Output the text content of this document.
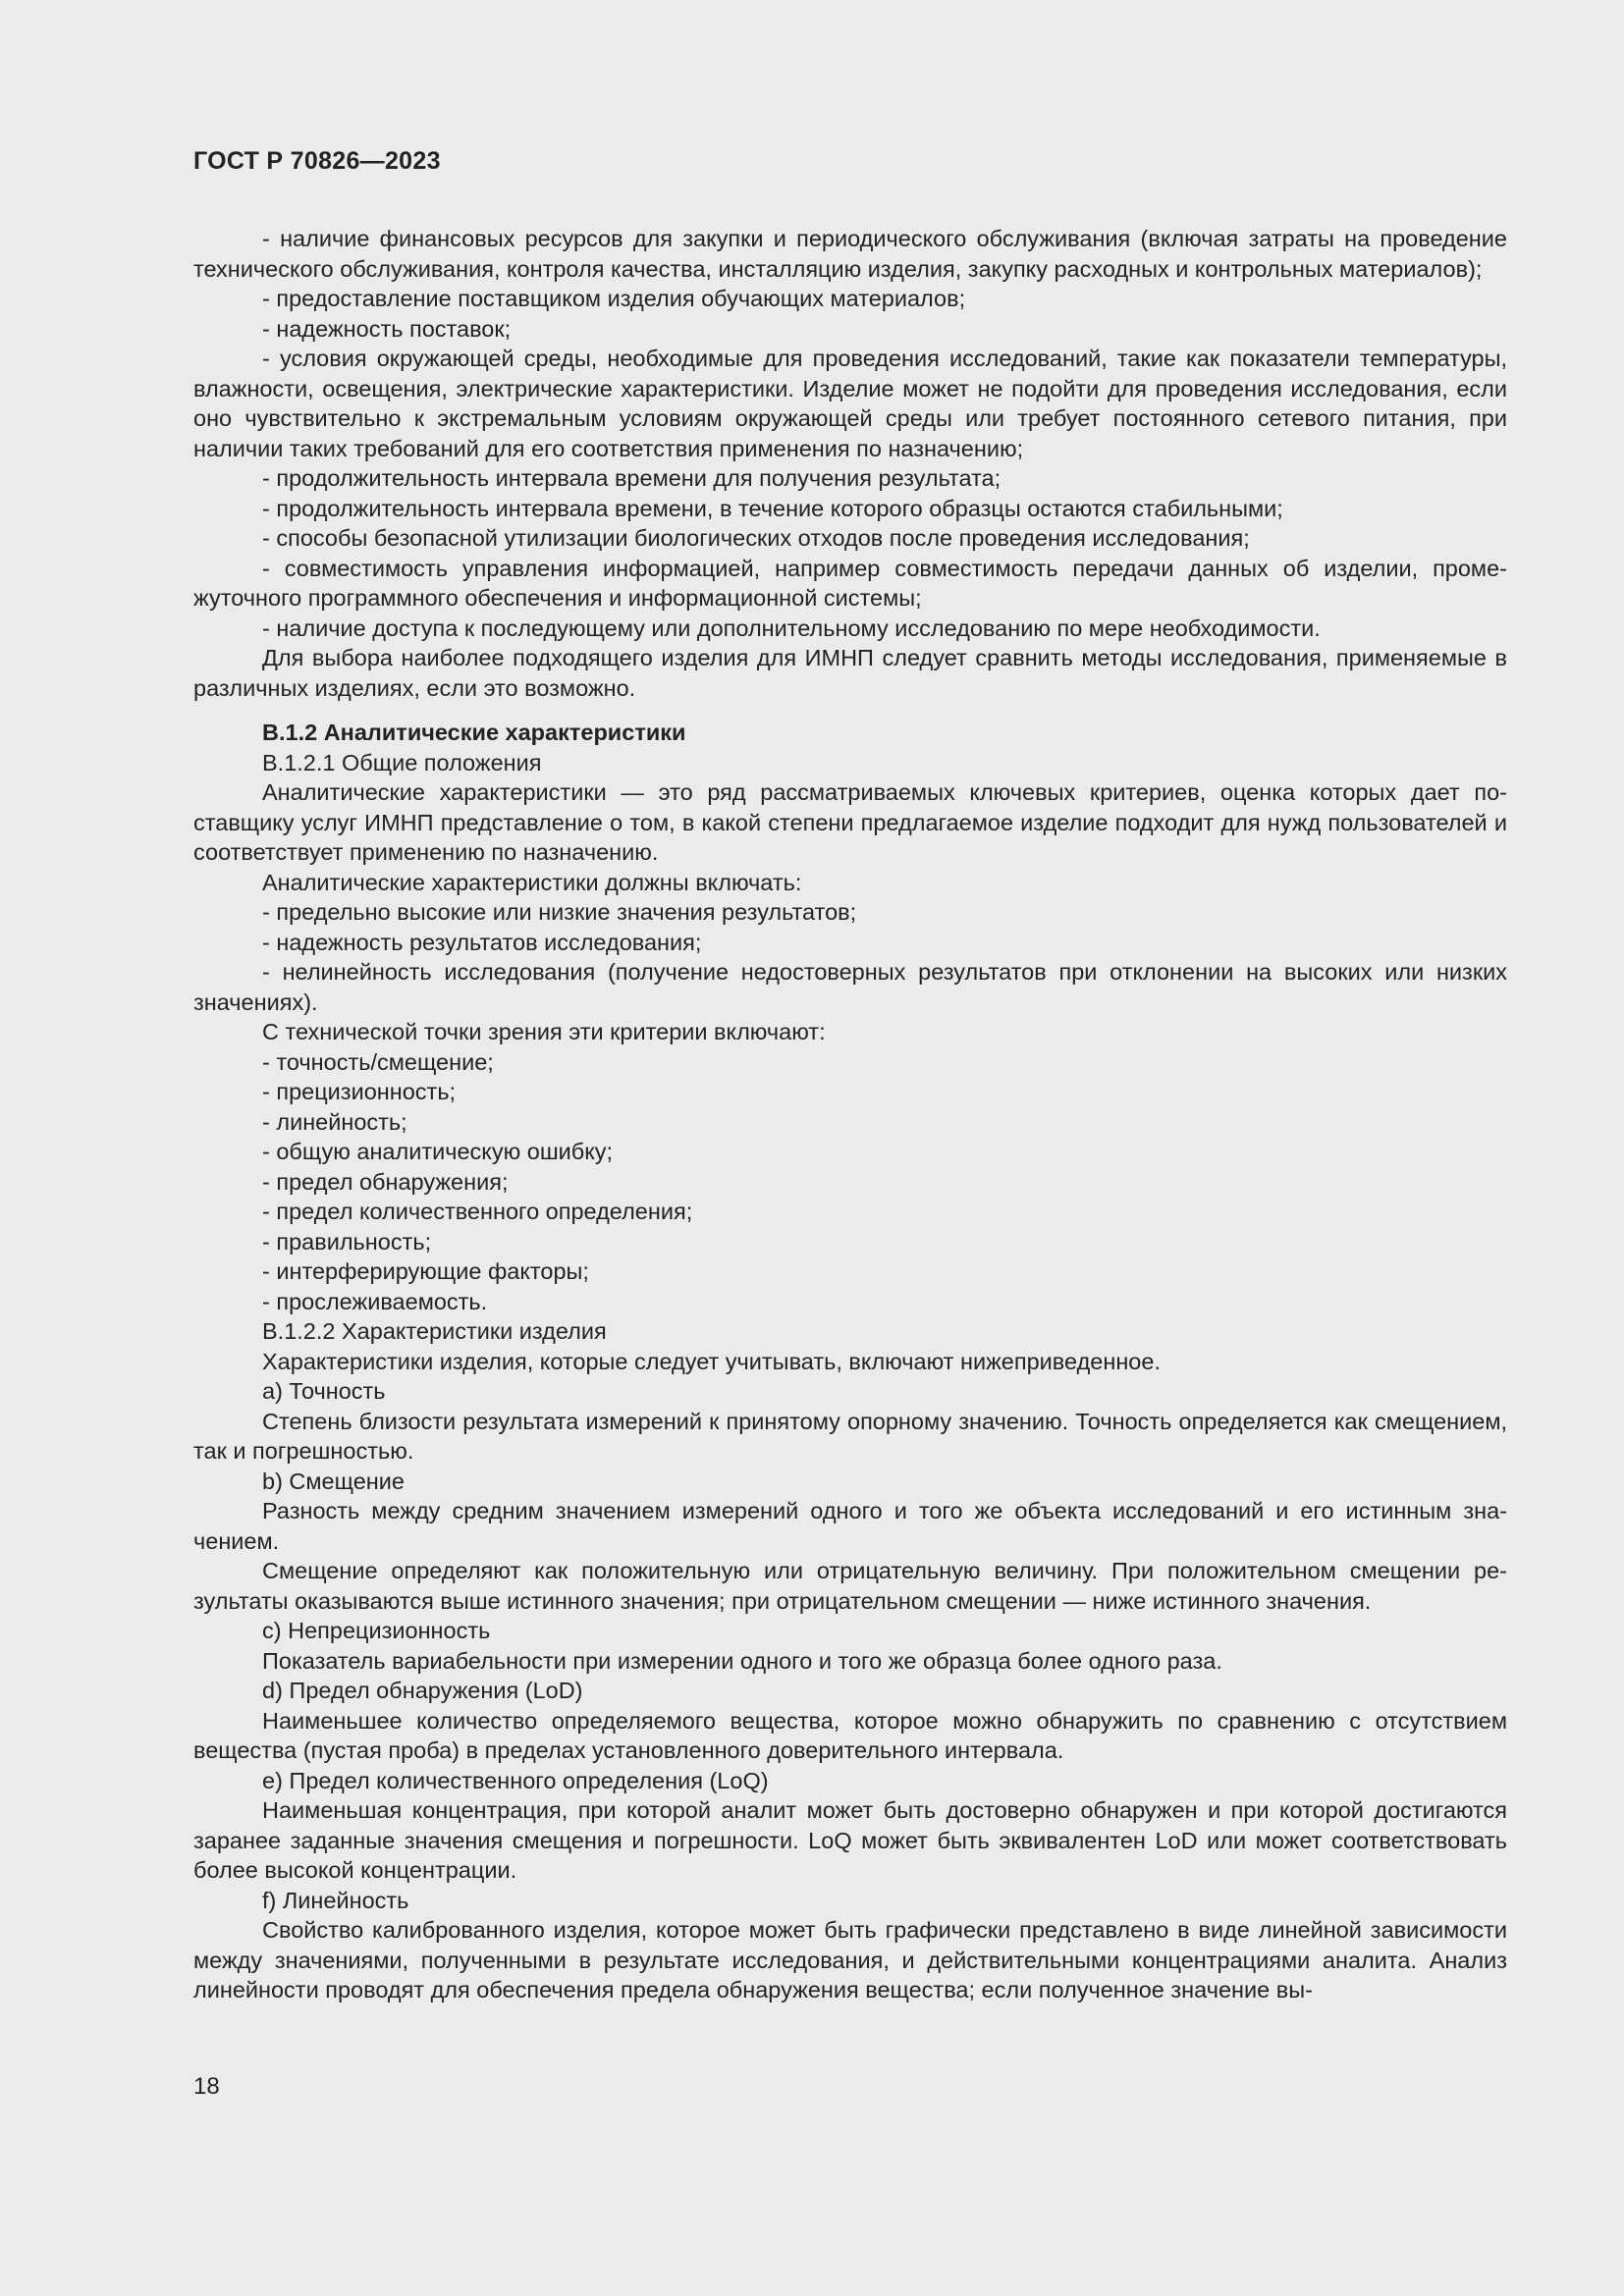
ГОСТ Р 70826—2023

- наличие финансовых ресурсов для закупки и периодического обслуживания (включая затраты на проведение технического обслуживания, контроля качества, инсталляцию изделия, закупку расходных и контрольных материалов);

- предоставление поставщиком изделия обучающих материалов;

- надежность поставок;

- условия окружающей среды, необходимые для проведения исследований, такие как показатели температуры, влажности, освещения, электрические характеристики. Изделие может не подойти для проведения исследования, если оно чувствительно к экстремальным условиям окружающей среды или требует постоянного сетевого питания, при наличии таких требований для его соответствия применения по назначению;

- продолжительность интервала времени для получения результата;

- продолжительность интервала времени, в течение которого образцы остаются стабильными;

- способы безопасной утилизации биологических отходов после проведения исследования;

- совместимость управления информацией, например совместимость передачи данных об изделии, промежуточного программного обеспечения и информационной системы;

- наличие доступа к последующему или дополнительному исследованию по мере необходимости.

Для выбора наиболее подходящего изделия для ИМНП следует сравнить методы исследования, применяемые в различных изделиях, если это возможно.

В.1.2 Аналитические характеристики

В.1.2.1 Общие положения

Аналитические характеристики — это ряд рассматриваемых ключевых критериев, оценка которых дает поставщику услуг ИМНП представление о том, в какой степени предлагаемое изделие подходит для нужд пользователей и соответствует применению по назначению.

Аналитические характеристики должны включать:

- предельно высокие или низкие значения результатов;

- надежность результатов исследования;

- нелинейность исследования (получение недостоверных результатов при отклонении на высоких или низких значениях).

С технической точки зрения эти критерии включают:

- точность/смещение;

- прецизионность;

- линейность;

- общую аналитическую ошибку;

- предел обнаружения;

- предел количественного определения;

- правильность;

- интерферирующие факторы;

- прослеживаемость.

В.1.2.2 Характеристики изделия

Характеристики изделия, которые следует учитывать, включают нижеприведенное.

а) Точность

Степень близости результата измерений к принятому опорному значению. Точность определяется как смещением, так и погрешностью.

b) Смещение

Разность между средним значением измерений одного и того же объекта исследований и его истинным значением.

Смещение определяют как положительную или отрицательную величину. При положительном смещении результаты оказываются выше истинного значения; при отрицательном смещении — ниже истинного значения.

с) Непрецизионность

Показатель вариабельности при измерении одного и того же образца более одного раза.

d) Предел обнаружения (LoD)

Наименьшее количество определяемого вещества, которое можно обнаружить по сравнению с отсутствием вещества (пустая проба) в пределах установленного доверительного интервала.

е) Предел количественного определения (LoQ)

Наименьшая концентрация, при которой аналит может быть достоверно обнаружен и при которой достигаются заранее заданные значения смещения и погрешности. LoQ может быть эквивалентен LoD или может соответствовать более высокой концентрации.

f) Линейность

Свойство калиброванного изделия, которое может быть графически представлено в виде линейной зависимости между значениями, полученными в результате исследования, и действительными концентрациями аналита. Анализ линейности проводят для обеспечения предела обнаружения вещества; если полученное значение вы-

18
